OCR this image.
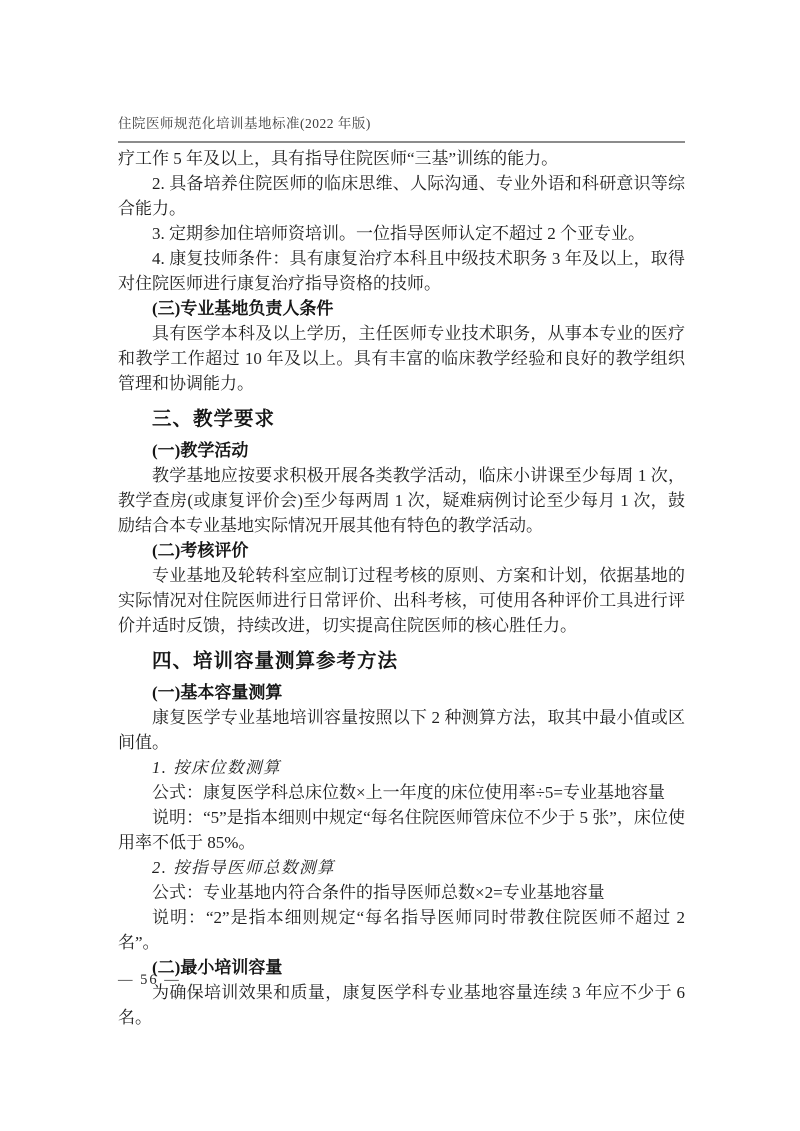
住院医师规范化培训基地标准(2022 年版)
疗工作 5 年及以上，具有指导住院医师“三基”训练的能力。
2. 具备培养住院医师的临床思维、人际沟通、专业外语和科研意识等综合能力。
3. 定期参加住培师资培训。一位指导医师认定不超过 2 个亚专业。
4. 康复技师条件：具有康复治疗本科且中级技术职务 3 年及以上，取得对住院医师进行康复治疗指导资格的技师。
(三)专业基地负责人条件
具有医学本科及以上学历，主任医师专业技术职务，从事本专业的医疗和教学工作超过 10 年及以上。具有丰富的临床教学经验和良好的教学组织管理和协调能力。
三、教学要求
(一)教学活动
教学基地应按要求积极开展各类教学活动，临床小讲课至少每周 1 次，教学查房(或康复评价会)至少每两周 1 次，疑难病例讨论至少每月 1 次，鼓励结合本专业基地实际情况开展其他有特色的教学活动。
(二)考核评价
专业基地及轮转科室应制订过程考核的原则、方案和计划，依据基地的实际情况对住院医师进行日常评价、出科考核，可使用各种评价工具进行评价并适时反馈，持续改进，切实提高住院医师的核心胜任力。
四、培训容量测算参考方法
(一)基本容量测算
康复医学专业基地培训容量按照以下 2 种测算方法，取其中最小值或区间值。
1. 按床位数测算
公式：康复医学科总床位数×上一年度的床位使用率÷5=专业基地容量
说明：“5”是指本细则中规定“每名住院医师管床位不少于 5 张”，床位使用率不低于 85%。
2. 按指导医师总数测算
公式：专业基地内符合条件的指导医师总数×2=专业基地容量
说明：“2”是指本细则规定“每名指导医师同时带教住院医师不超过 2 名”。
(二)最小培训容量
为确保培训效果和质量，康复医学科专业基地容量连续 3 年应不少于 6 名。
— 56 —
